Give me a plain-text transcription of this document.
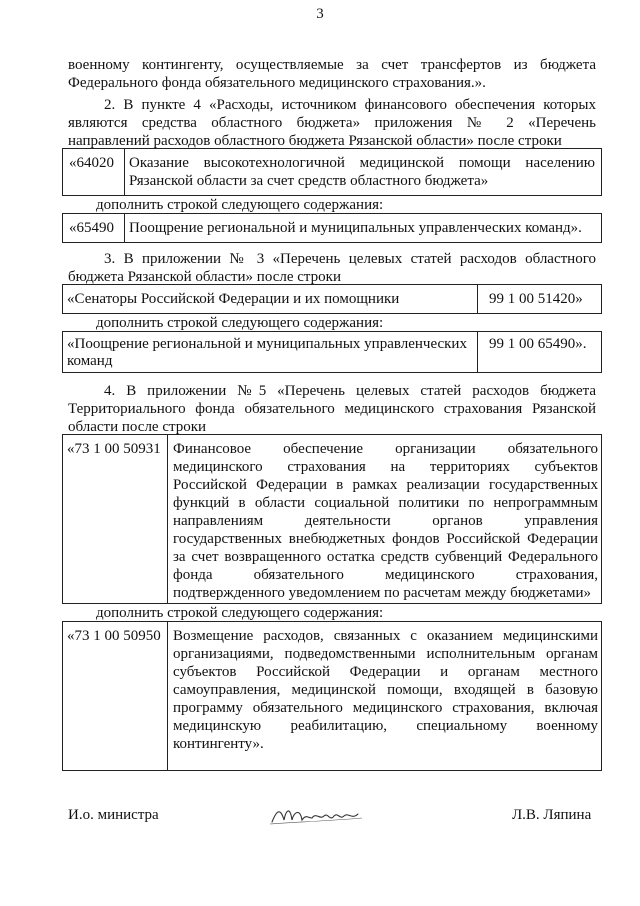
3
военному контингенту, осуществляемые за счет трансфертов из бюджета
Федерального фонда обязательного медицинского страхования.».
2. В пункте 4 «Расходы, источником финансового обеспечения которых
являются средства областного бюджета» приложения № 2 «Перечень
направлений расходов областного бюджета Рязанской области» после строки
«64020 Оказание высокотехнологичной медицинской помощи населению
Рязанской области за счет средств областного бюджета»
дополнить строкой следующего содержания:
«65490 Поощрение региональной и муниципальных управленческих команд».
3. В приложении № 3 «Перечень целевых статей расходов областного
бюджета Рязанской области» после строки
«Сенаторы Российской Федерации и их помощники	99 1 00 51420»
дополнить строкой следующего содержания:
«Поощрение региональной и муниципальных управленческих
команд
99 1 00 65490».
4. В приложении №5 «Перечень целевых статей расходов бюджета
Территориального фонда обязательного медицинского страхования Рязанской
области после строки
«73 1 00 50931 Финансовое обеспечение организации обязательного
медицинского страхования на территориях субъектов
Российской Федерации в рамках реализации государственных
функций в области социальной политики по непрограммным
направлениям деятельности органов управления
государственных внебюджетных фондов Российской Федерации
за счет возвращенного остатка средств субвенций Федерального
фонда обязательного медицинского страхования,
подтвержденного уведомлением по расчетам между бюджетами»
дополнить строкой следующего содержания:
«73 1 00 50950 Возмещение расходов, связанных с оказанием медицинскими
организациями, подведомственными исполнительным органам
субъектов Российской Федерации и органам местного
самоуправления, медицинской помощи, входящей в базовую
программу обязательного медицинского страхования, включая
медицинскую реабилитацию, специальному военному
контингенту».
И.о. министра	Л.В. Ляпина
